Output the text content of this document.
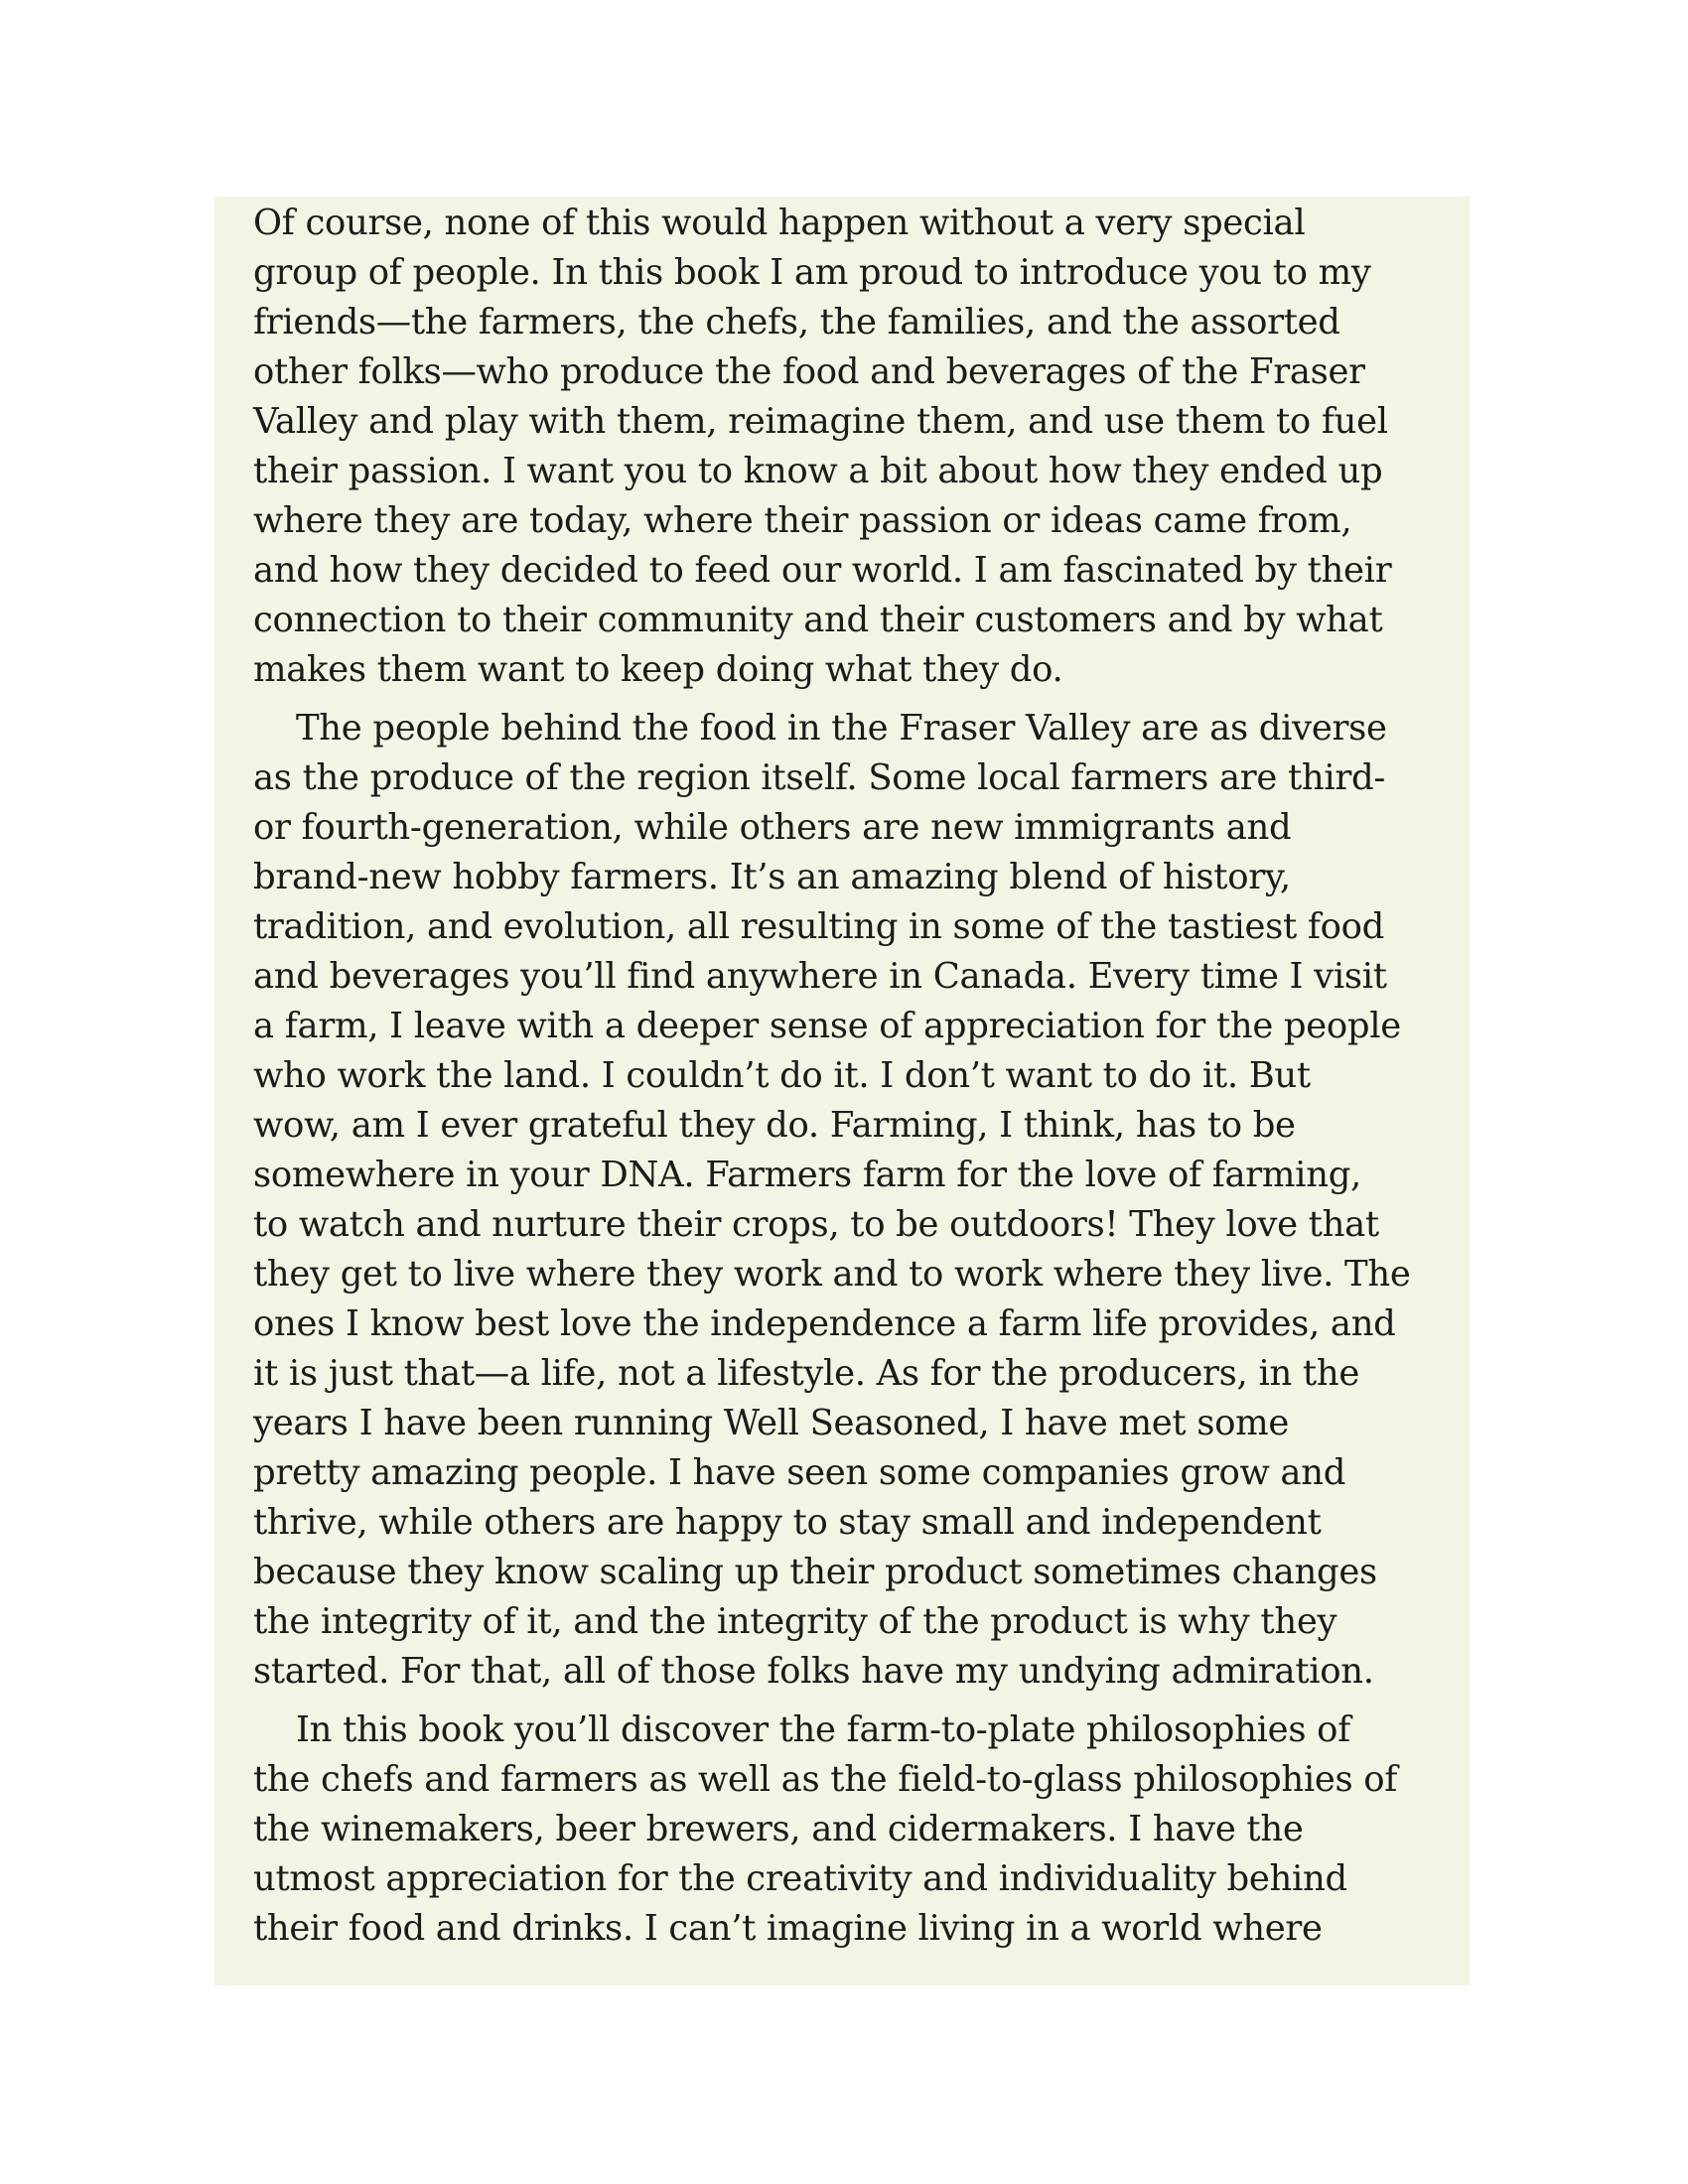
Of course, none of this would happen without a very special
group of people. In this book I am proud to introduce you to my
friends—the farmers, the chefs, the families, and the assorted
other folks—who produce the food and beverages of the Fraser
Valley and play with them, reimagine them, and use them to fuel
their passion. I want you to know a bit about how they ended up
where they are today, where their passion or ideas came from,
and how they decided to feed our world. I am fascinated by their
connection to their community and their customers and by what
makes them want to keep doing what they do.

The people behind the food in the Fraser Valley are as diverse
as the produce of the region itself. Some local farmers are third-
or fourth-generation, while others are new immigrants and
brand-new hobby farmers. It’s an amazing blend of history,
tradition, and evolution, all resulting in some of the tastiest food
and beverages you’ll find anywhere in Canada. Every time I visit
a farm, I leave with a deeper sense of appreciation for the people
who work the land. I couldn’t do it. I don’t want to do it. But
wow, am I ever grateful they do. Farming, I think, has to be
somewhere in your DNA. Farmers farm for the love of farming,
to watch and nurture their crops, to be outdoors! They love that
they get to live where they work and to work where they live. The
ones I know best love the independence a farm life provides, and
it is just that—a life, not a lifestyle. As for the producers, in the
years I have been running Well Seasoned, I have met some
pretty amazing people. I have seen some companies grow and
thrive, while others are happy to stay small and independent
because they know scaling up their product sometimes changes
the integrity of it, and the integrity of the product is why they
started. For that, all of those folks have my undying admiration.

In this book you’ll discover the farm-to-plate philosophies of
the chefs and farmers as well as the field-to-glass philosophies of
the winemakers, beer brewers, and cidermakers. I have the
utmost appreciation for the creativity and individuality behind
their food and drinks. I can’t imagine living in a world where
